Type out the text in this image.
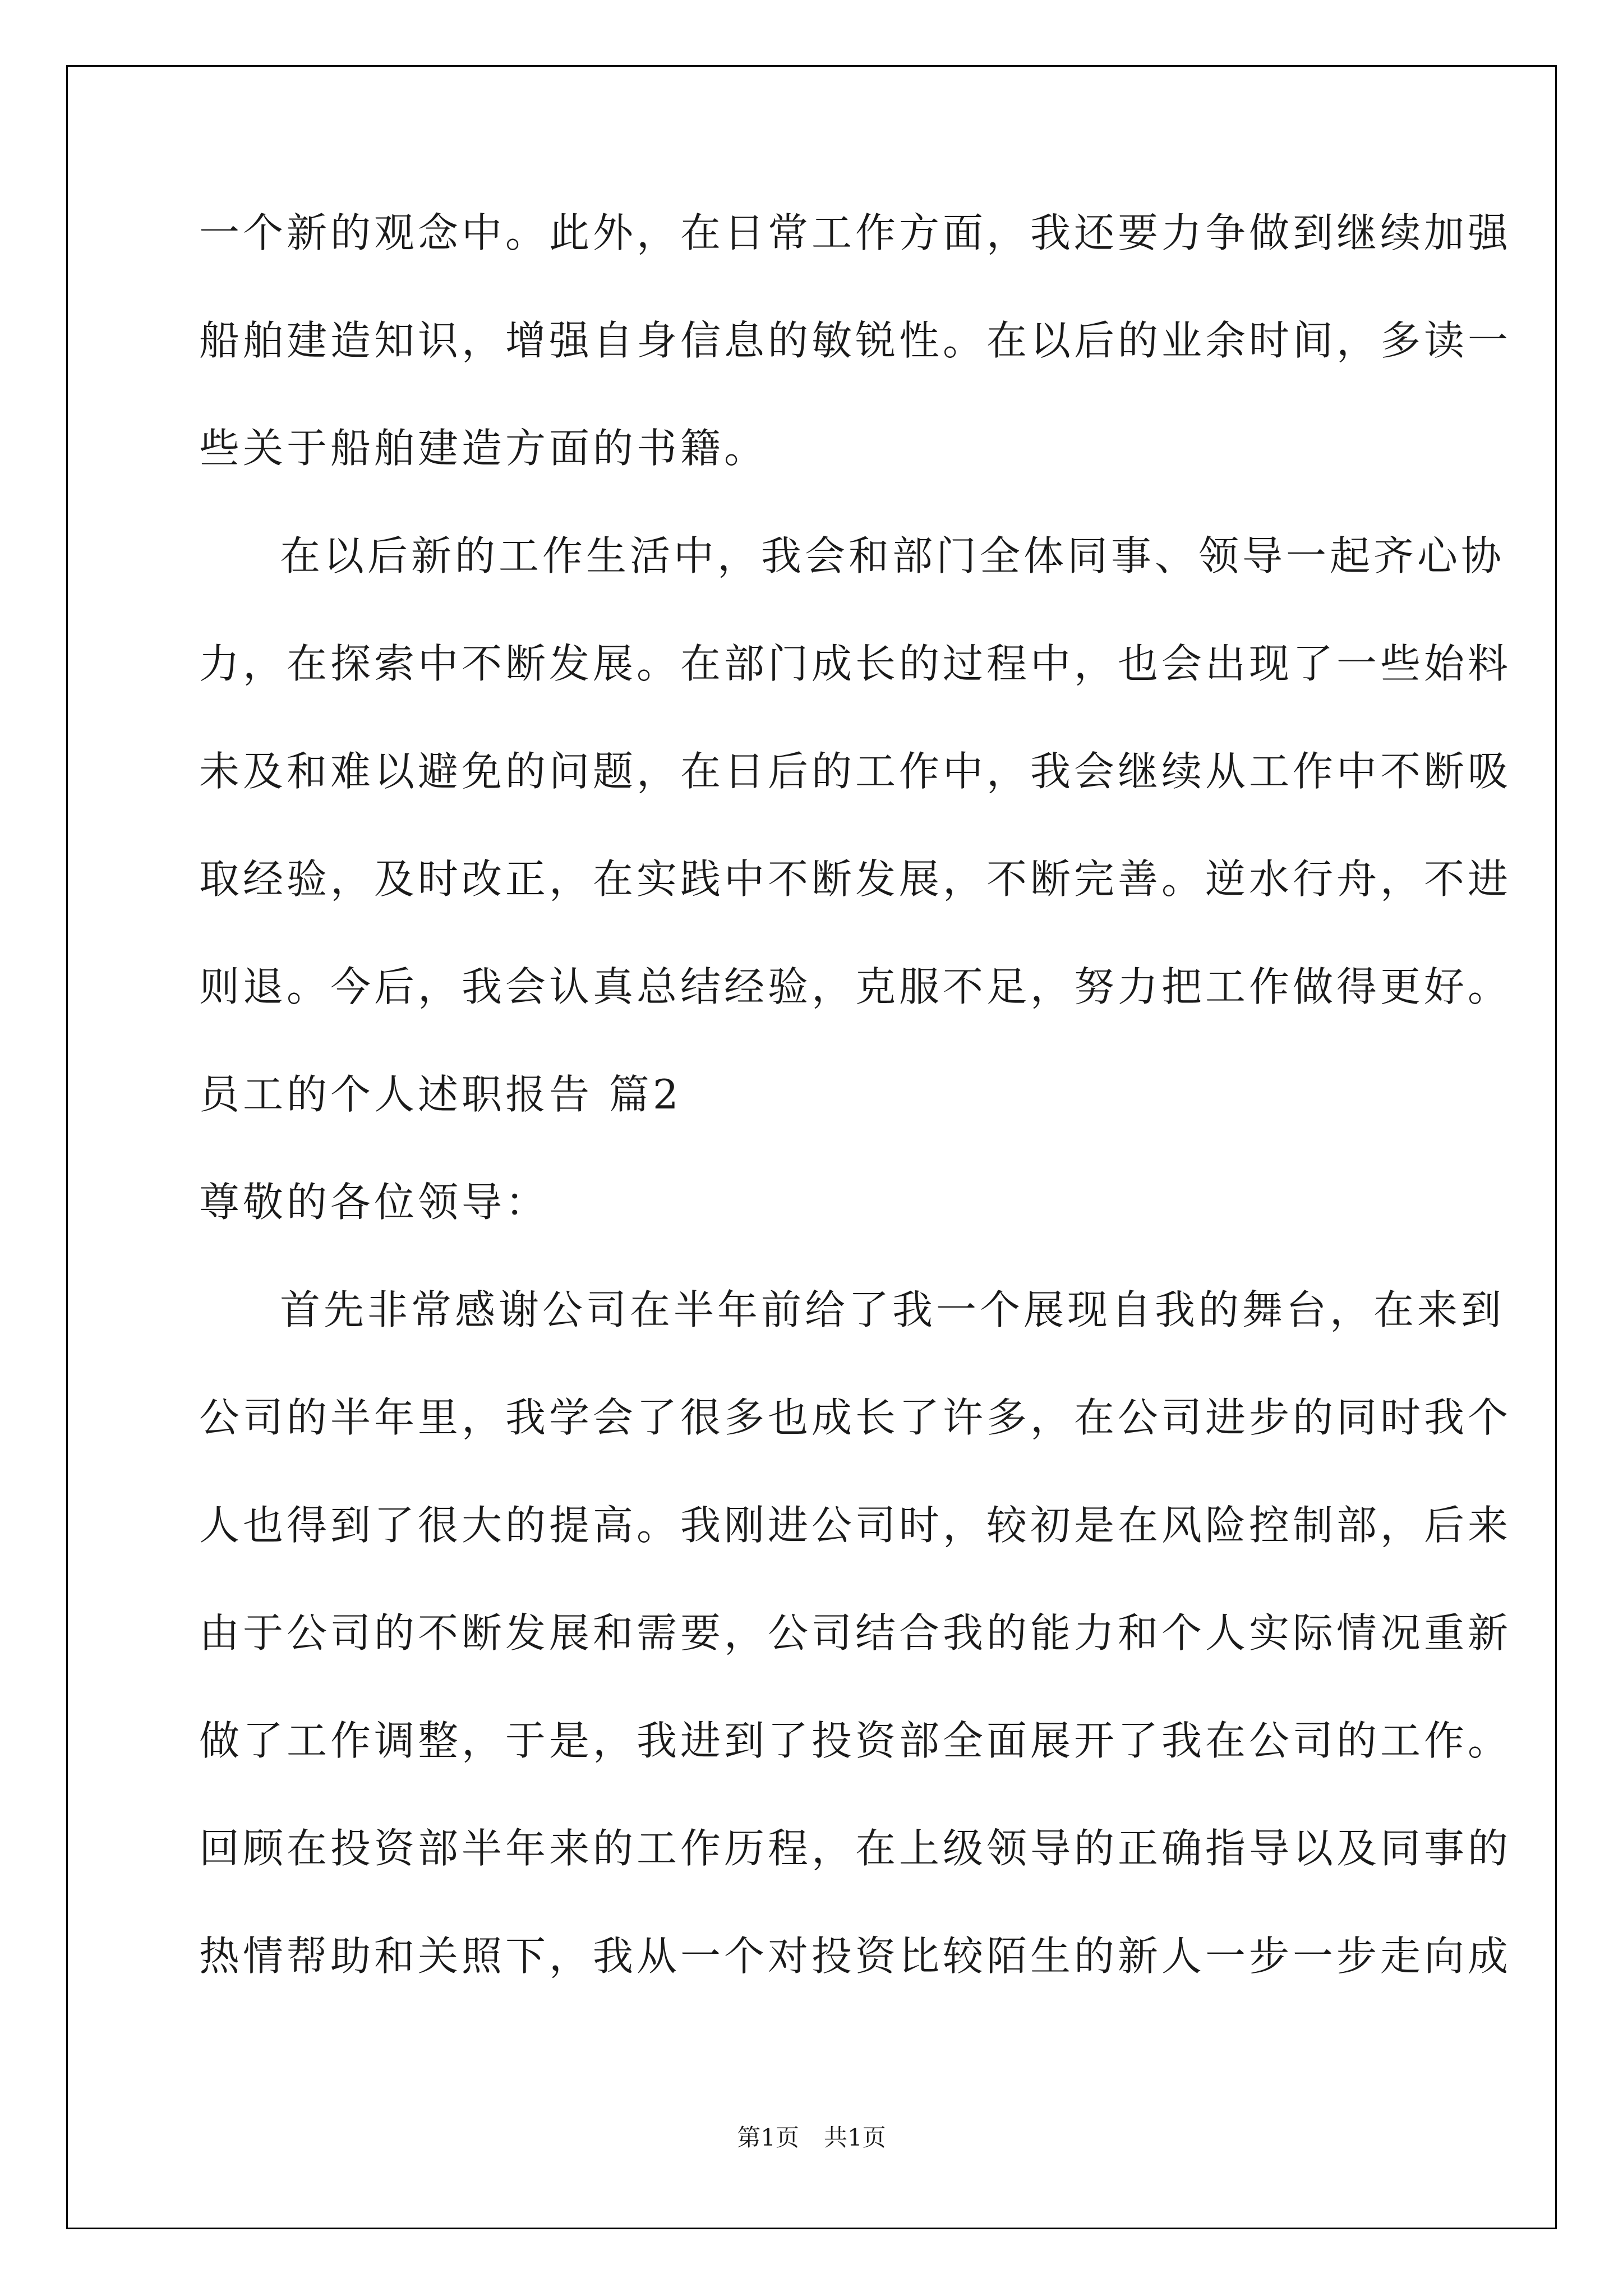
一个新的观念中。此外，在日常工作方面，我还要力争做到继续加强
船舶建造知识，增强自身信息的敏锐性。在以后的业余时间，多读一
些关于船舶建造方面的书籍。
在以后新的工作生活中，我会和部门全体同事、领导一起齐心协
力，在探索中不断发展。在部门成长的过程中，也会出现了一些始料
未及和难以避免的问题，在日后的工作中，我会继续从工作中不断吸
取经验，及时改正，在实践中不断发展，不断完善。逆水行舟，不进
则退。今后，我会认真总结经验，克服不足，努力把工作做得更好。
员工的个人述职报告 篇2
尊敬的各位领导：
首先非常感谢公司在半年前给了我一个展现自我的舞台，在来到
公司的半年里，我学会了很多也成长了许多，在公司进步的同时我个
人也得到了很大的提高。我刚进公司时，较初是在风险控制部，后来
由于公司的不断发展和需要，公司结合我的能力和个人实际情况重新
做了工作调整，于是，我进到了投资部全面展开了我在公司的工作。
回顾在投资部半年来的工作历程，在上级领导的正确指导以及同事的
热情帮助和关照下，我从一个对投资比较陌生的新人一步一步走向成
第1页 共1页
